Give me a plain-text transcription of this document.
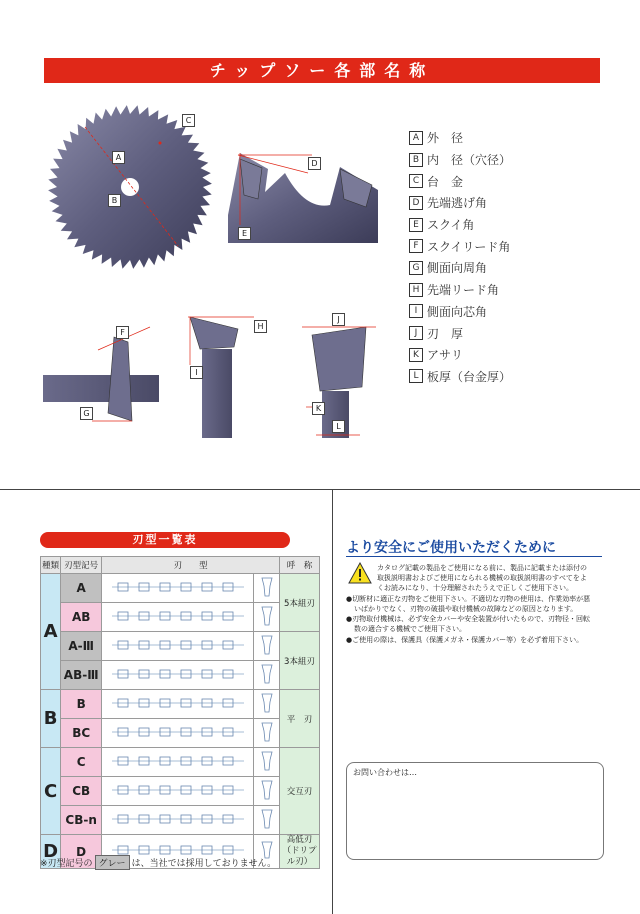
チップソー各部名称
C
A
B
D
E
F
G
H
I
J
K
L
A 外　径
B 内　径（穴径）
C 台　金
D 先端逃げ角
E スクイ角
F スクイリード角
G 側面向周角
H 先端リード角
I 側面向芯角
J 刃　厚
K アサリ
L 板厚（台金厚）
刃型一覧表
種類	刃型記号	刃　　型		呼　称
A	A			5本組刃
	AB		
	A-Ⅲ			3本組刃
	AB-Ⅲ		
B	B			平　刃
	BC		
C	C			交互刃
	CB		
	CB-n		
D	D			高低刃
（ドリプル刃）
※刃型記号の グレー は、当社では採用しておりません。
より安全にご使用いただくために
カタログ記載の製品をご使用になる前に、製品に記載または添付の
取扱説明書およびご使用になられる機械の取扱説明書のすべてをよ
くお読みになり、十分理解されたうえで正しくご使用下さい。
●切断材に適正な刃物をご使用下さい。不適切な刃物の使用は、作業効率が悪
いばかりでなく、刃物の破損や取付機械の故障などの原因となります。
●刃物取付機械は、必ず安全カバーや安全装置が付いたもので、刃物径・回転
数の適合する機械でご使用下さい。
●ご使用の際は、保護具（保護メガネ・保護カバー等）を必ず着用下さい。
お問い合わせは…
